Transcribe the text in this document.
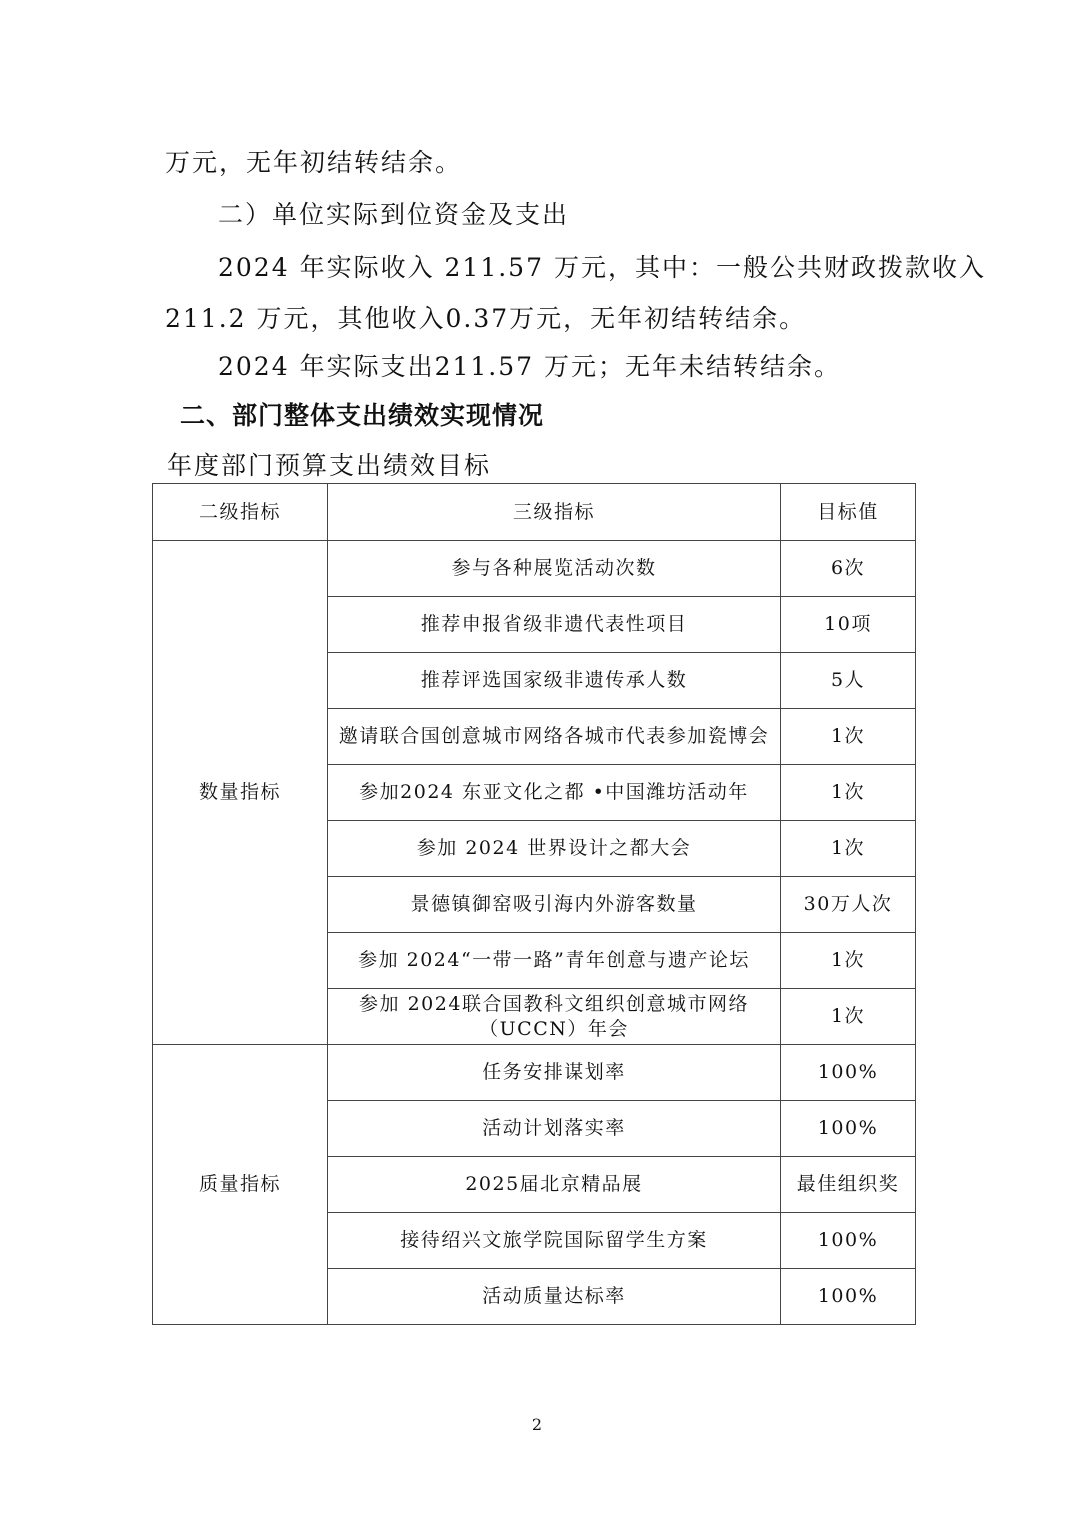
万元，无年初结转结余。
二）单位实际到位资金及支出
2024 年实际收入 211.57 万元，其中：一般公共财政拨款收入
211.2 万元，其他收入0.37万元，无年初结转结余。
2024 年实际支出211.57 万元；无年未结转结余。
二、部门整体支出绩效实现情况
年度部门预算支出绩效目标
二级指标	三级指标	目标值
数量指标	参与各种展览活动次数	6次
	推荐申报省级非遗代表性项目	10项
	推荐评选国家级非遗传承人数	5人
	邀请联合国创意城市网络各城市代表参加瓷博会	1次
	参加2024 东亚文化之都 •中国潍坊活动年	1次
	参加 2024 世界设计之都大会	1次
	景德镇御窑吸引海内外游客数量	30万人次
	参加 2024“一带一路”青年创意与遗产论坛	1次
	参加 2024联合国教科文组织创意城市网络（UCCN）年会	1次
质量指标	任务安排谋划率	100%
	活动计划落实率	100%
	2025届北京精品展	最佳组织奖
	接待绍兴文旅学院国际留学生方案	100%
	活动质量达标率	100%
2
